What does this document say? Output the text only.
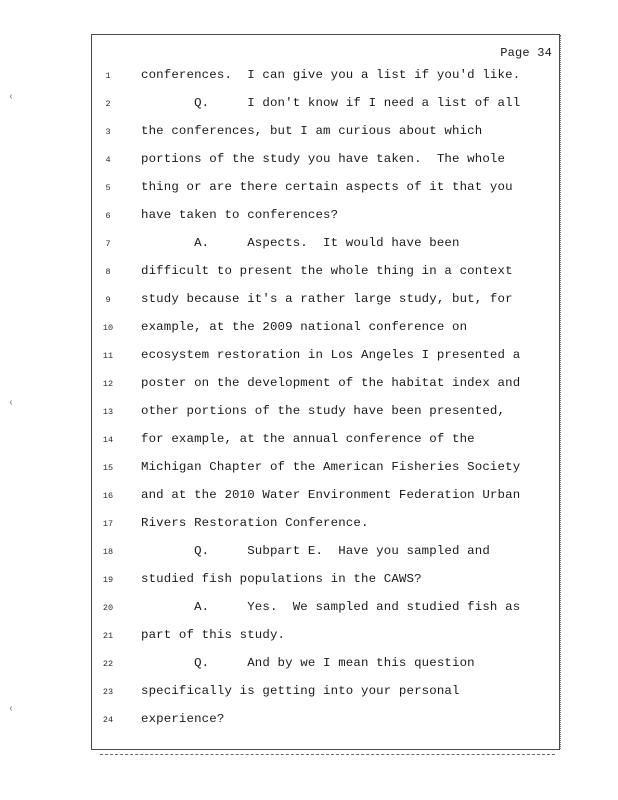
Page 34
‹
‹
‹
1	conferences.  I can give you a list if you'd like.
2	Q.     I don't know if I need a list of all
3	the conferences, but I am curious about which
4	portions of the study you have taken.  The whole
5	thing or are there certain aspects of it that you
6	have taken to conferences?
7	A.     Aspects.  It would have been
8	difficult to present the whole thing in a context
9	study because it's a rather large study, but, for
10	example, at the 2009 national conference on
11	ecosystem restoration in Los Angeles I presented a
12	poster on the development of the habitat index and
13	other portions of the study have been presented,
14	for example, at the annual conference of the
15	Michigan Chapter of the American Fisheries Society
16	and at the 2010 Water Environment Federation Urban
17	Rivers Restoration Conference.
18	Q.     Subpart E.  Have you sampled and
19	studied fish populations in the CAWS?
20	A.     Yes.  We sampled and studied fish as
21	part of this study.
22	Q.     And by we I mean this question
23	specifically is getting into your personal
24	experience?
